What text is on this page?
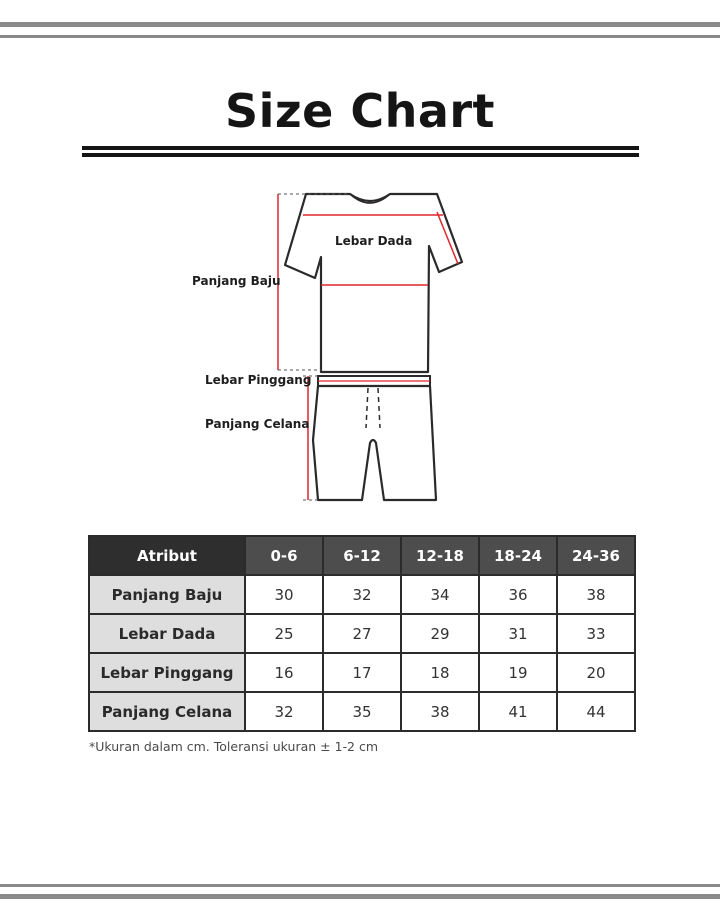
Size Chart
Lebar Dada
Panjang Baju
Lebar Pinggang
Panjang Celana
Atribut	0-6	6-12	12-18	18-24	24-36
Panjang Baju	30	32	34	36	38
Lebar Dada	25	27	29	31	33
Lebar Pinggang	16	17	18	19	20
Panjang Celana	32	35	38	41	44
*Ukuran dalam cm. Toleransi ukuran ± 1-2 cm
